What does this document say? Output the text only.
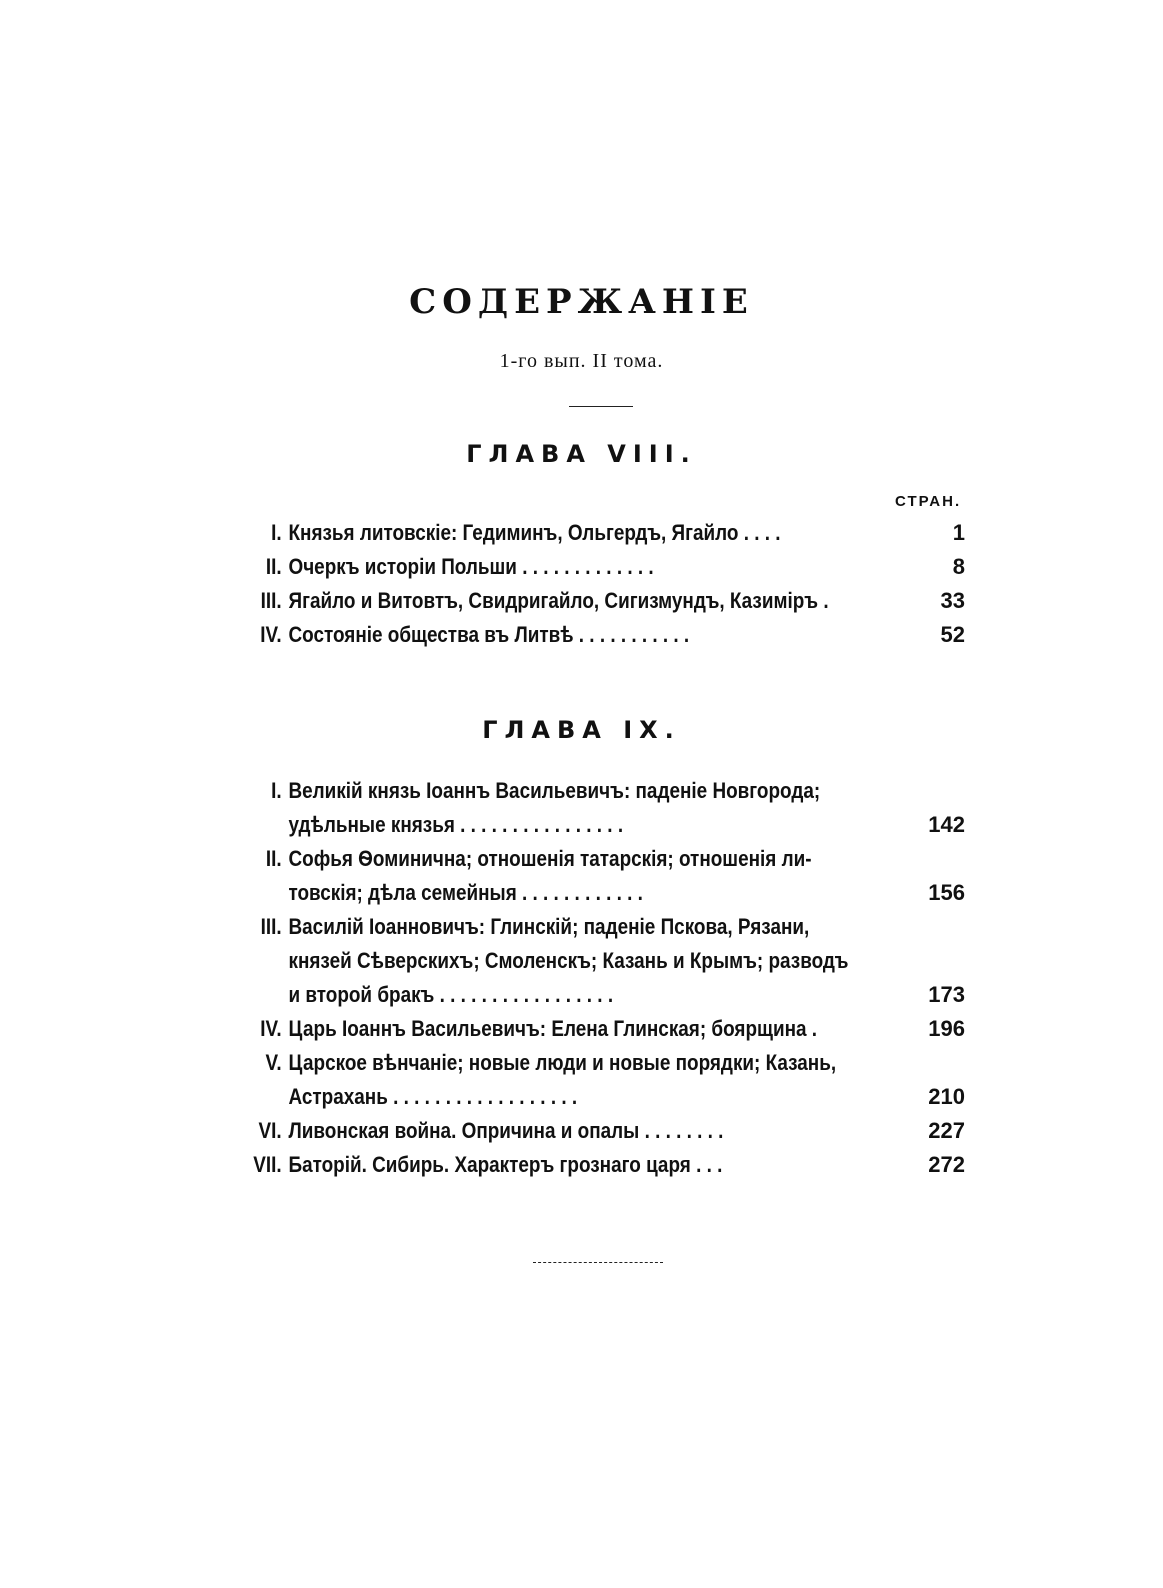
СОДЕРЖАНІЕ
1-го вып. II тома.
ГЛАВА VIII.
СТРАН.
I. Князья литовскіе: Гедиминъ, Ольгердъ, Ягайло . . . .	1
II. Очеркъ исторіи Польши . . . . . . . . . . . . .	8
III. Ягайло и Витовтъ, Свидригайло, Сигизмундъ, Казиміръ .	33
IV. Состояніе общества въ Литвѣ . . . . . . . . . . .	52
ГЛАВА IX.
I. Великій князь Іоаннъ Васильевичъ: паденіе Новгорода;
удѣльные князья . . . . . . . . . . . . . . . .	142
II. Софья Ѳоминична; отношенія татарскія; отношенія ли-
товскія; дѣла семейныя . . . . . . . . . . . .	156
III. Василій Іоанновичъ: Глинскій; паденіе Пскова, Рязани,
князей Сѣверскихъ; Смоленскъ; Казань и Крымъ; разводъ
и второй бракъ . . . . . . . . . . . . . . . . .	173
IV. Царь Іоаннъ Васильевичъ: Елена Глинская; боярщина .	196
V. Царское вѣнчаніе; новые люди и новые порядки; Казань,
Астрахань . . . . . . . . . . . . . . . . . .	210
VI. Ливонская война. Опричина и опалы . . . . . . . .	227
VII. Баторій. Сибирь. Характеръ грознаго царя . . .	272
